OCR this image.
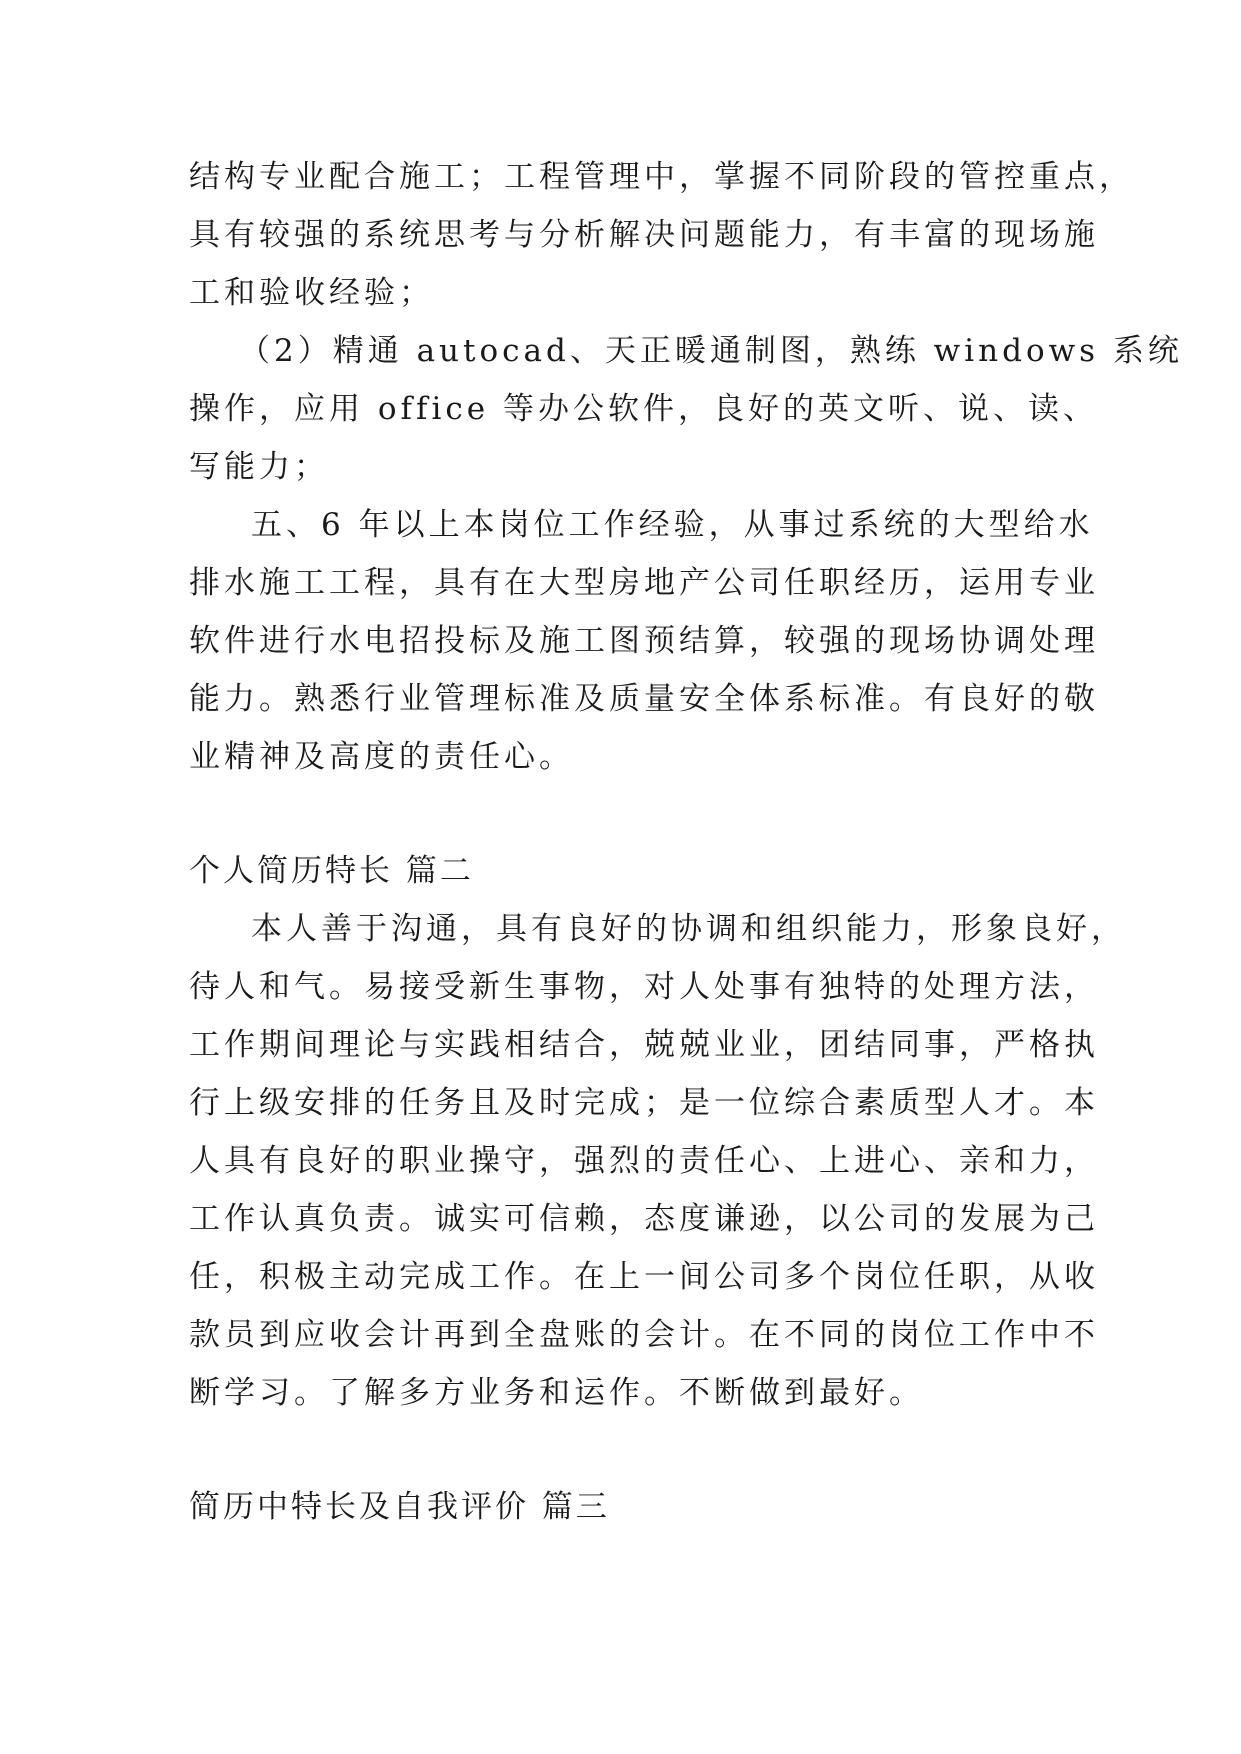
结构专业配合施工；工程管理中，掌握不同阶段的管控重点，
具有较强的系统思考与分析解决问题能力，有丰富的现场施
工和验收经验；
（2）精通 autocad、天正暖通制图，熟练 windows 系统
操作，应用 office 等办公软件，良好的英文听、说、读、
写能力；
五、6 年以上本岗位工作经验，从事过系统的大型给水
排水施工工程，具有在大型房地产公司任职经历，运用专业
软件进行水电招投标及施工图预结算，较强的现场协调处理
能力。熟悉行业管理标准及质量安全体系标准。有良好的敬
业精神及高度的责任心。
个人简历特长 篇二
本人善于沟通，具有良好的协调和组织能力，形象良好，
待人和气。易接受新生事物，对人处事有独特的处理方法，
工作期间理论与实践相结合，兢兢业业，团结同事，严格执
行上级安排的任务且及时完成；是一位综合素质型人才。本
人具有良好的职业操守，强烈的责任心、上进心、亲和力，
工作认真负责。诚实可信赖，态度谦逊，以公司的发展为己
任，积极主动完成工作。在上一间公司多个岗位任职，从收
款员到应收会计再到全盘账的会计。在不同的岗位工作中不
断学习。了解多方业务和运作。不断做到最好。
简历中特长及自我评价 篇三
